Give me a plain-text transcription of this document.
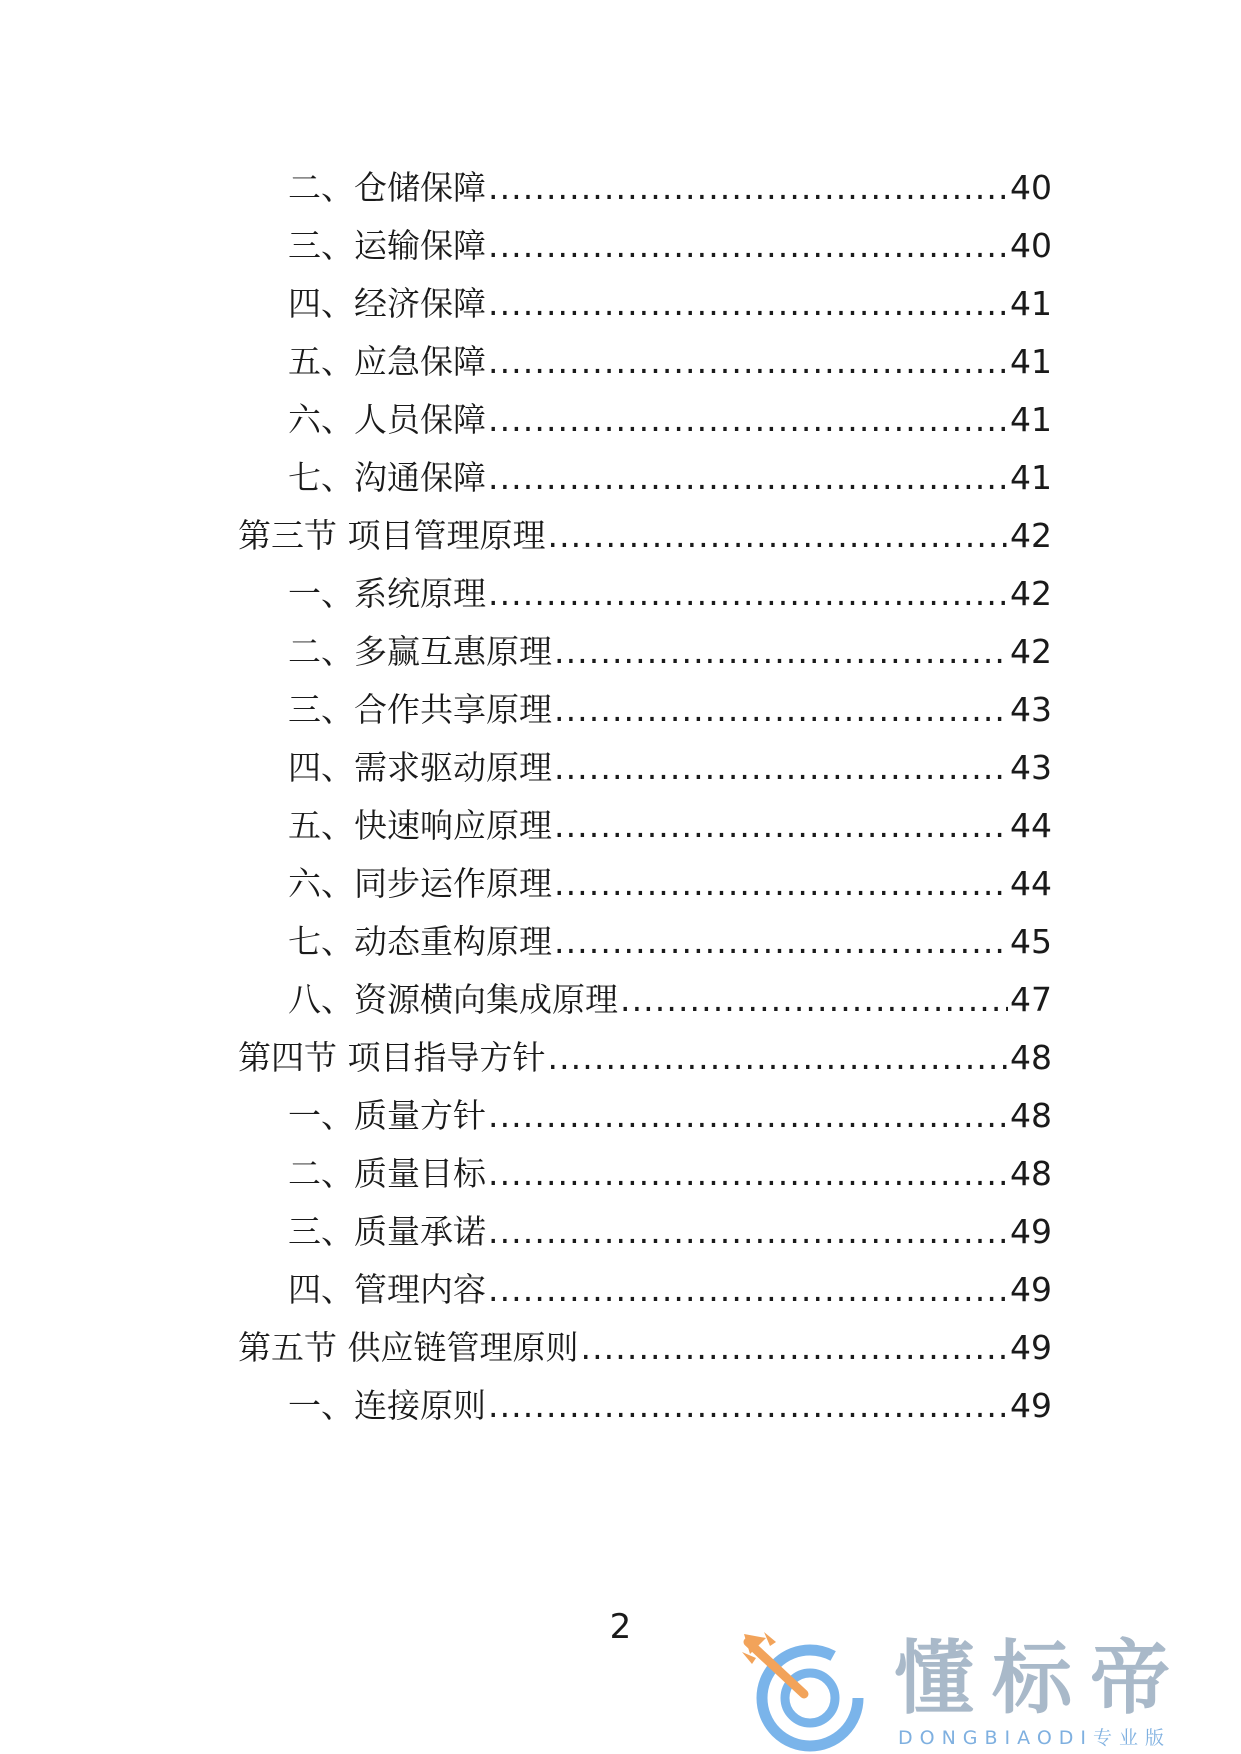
二、仓储保障 .....	40
三、运输保障 .....	40
四、经济保障 .....	41
五、应急保障 .....	41
六、人员保障 .....	41
七、沟通保障 .....	41
第三节 项目管理原理 .....	42
一、系统原理 .....	42
二、多赢互惠原理 .....	42
三、合作共享原理 .....	43
四、需求驱动原理 .....	43
五、快速响应原理 .....	44
六、同步运作原理 .....	44
七、动态重构原理 .....	45
八、资源横向集成原理 .....	47
第四节 项目指导方针 .....	48
一、质量方针 .....	48
二、质量目标 .....	48
三、质量承诺 .....	49
四、管理内容 .....	49
第五节 供应链管理原则 .....	49
一、连接原则 .....	49
2
懂标帝
DONGBIAODI专业版
